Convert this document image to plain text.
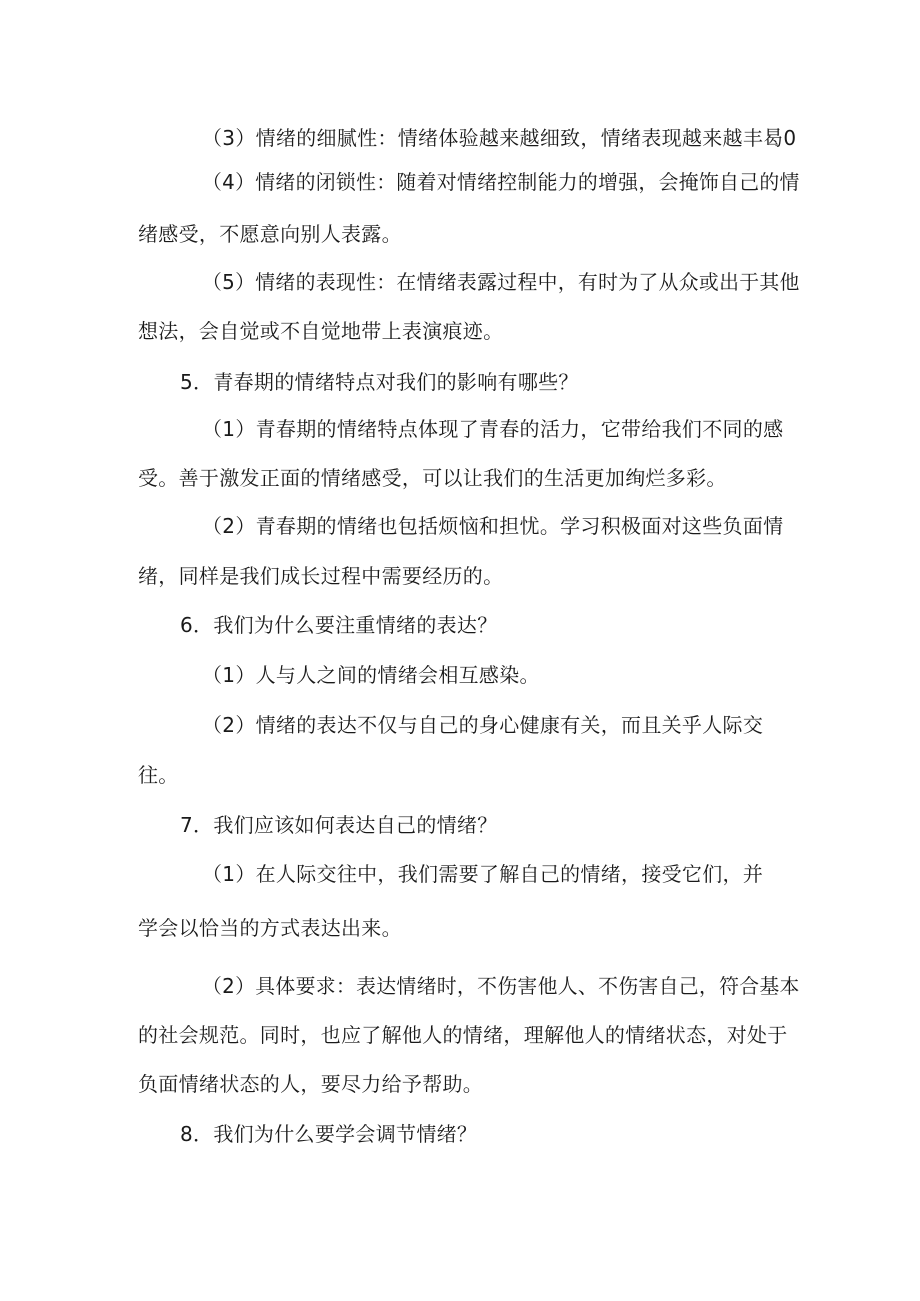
（3）情绪的细腻性：情绪体验越来越细致，情绪表现越来越丰曷0
（4）情绪的闭锁性：随着对情绪控制能力的增强，会掩饰自己的情
绪感受，不愿意向别人表露。
（5）情绪的表现性：在情绪表露过程中，有时为了从众或出于其他
想法，会自觉或不自觉地带上表演痕迹。
5．青春期的情绪特点对我们的影响有哪些？
（1）青春期的情绪特点体现了青春的活力，它带给我们不同的感
受。善于激发正面的情绪感受，可以让我们的生活更加绚烂多彩。
（2）青春期的情绪也包括烦恼和担忧。学习积极面对这些负面情
绪，同样是我们成长过程中需要经历的。
6．我们为什么要注重情绪的表达？
（1）人与人之间的情绪会相互感染。
（2）情绪的表达不仅与自己的身心健康有关，而且关乎人际交
往。
7．我们应该如何表达自己的情绪？
（1）在人际交往中，我们需要了解自己的情绪，接受它们，并
学会以恰当的方式表达出来。
（2）具体要求：表达情绪时，不伤害他人、不伤害自己，符合基本
的社会规范。同时，也应了解他人的情绪，理解他人的情绪状态，对处于
负面情绪状态的人，要尽力给予帮助。
8．我们为什么要学会调节情绪？
